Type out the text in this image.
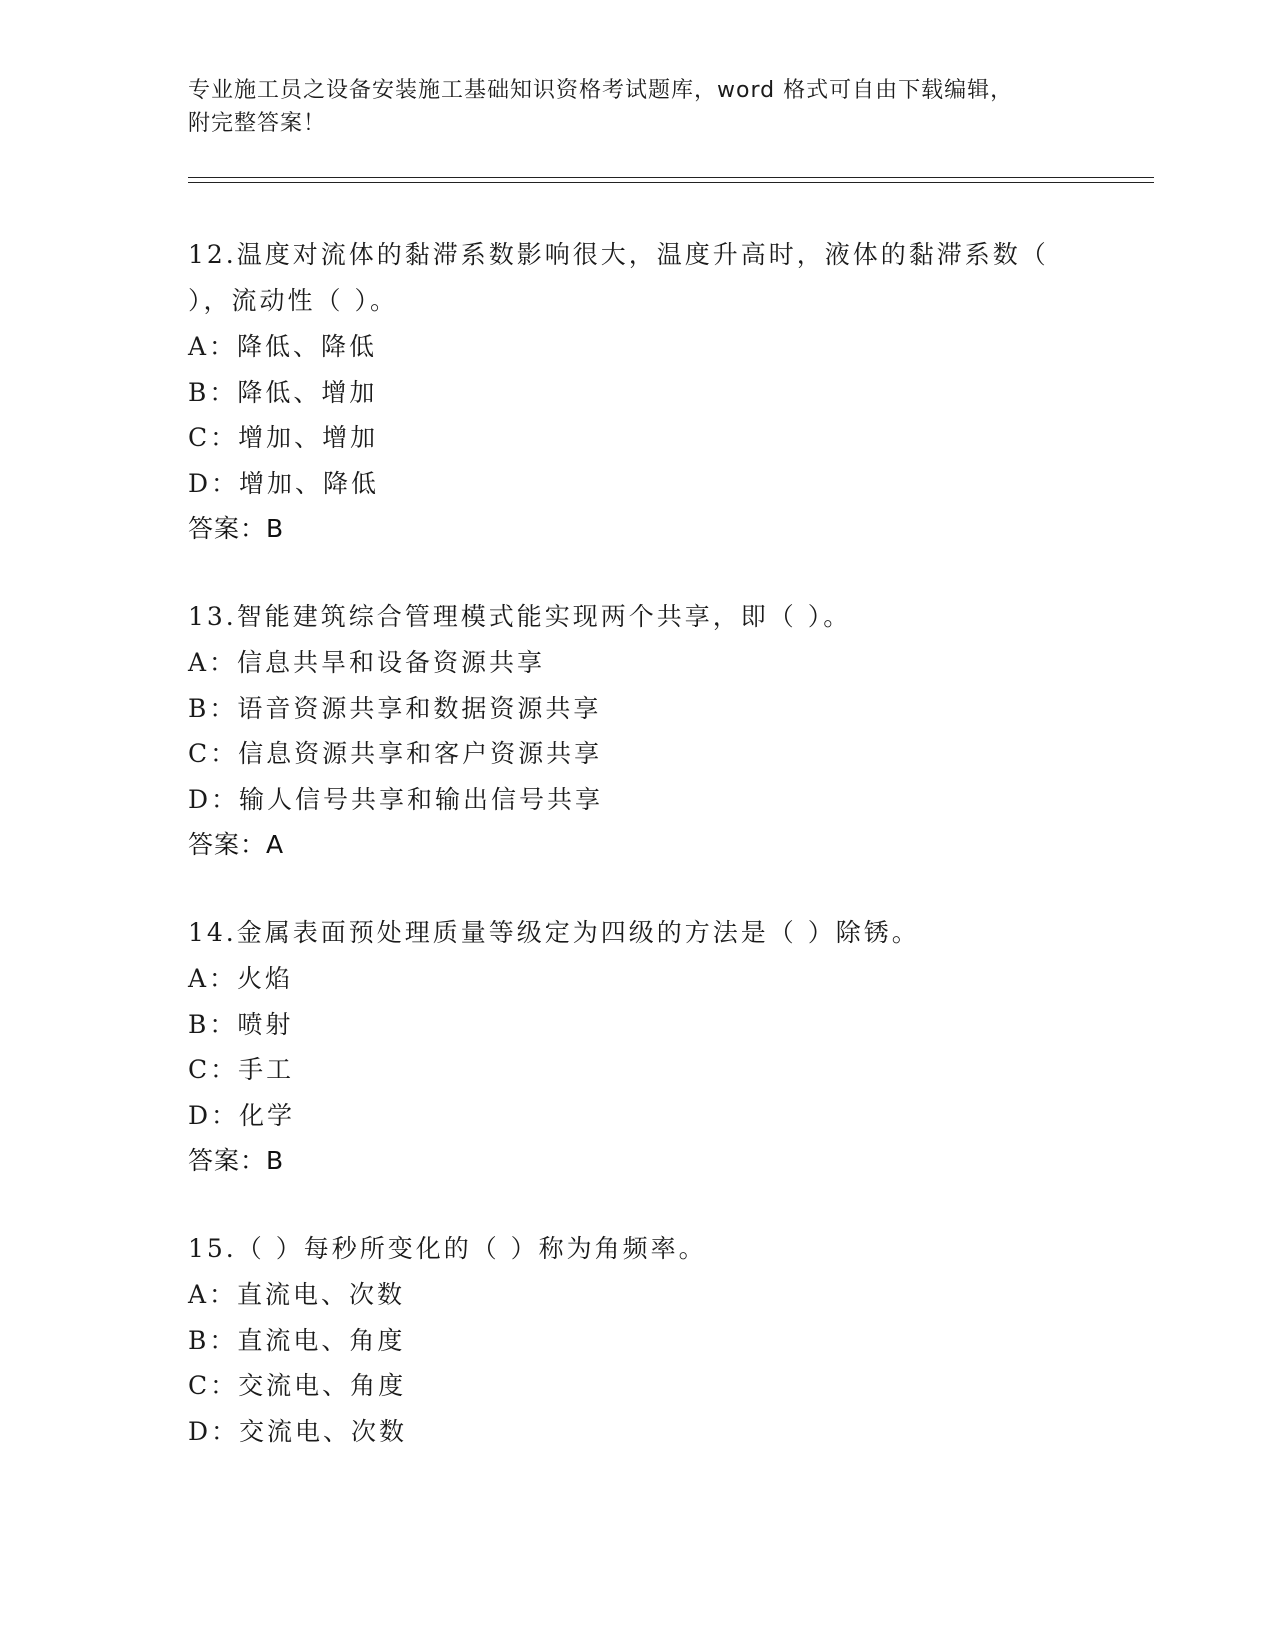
专业施工员之设备安装施工基础知识资格考试题库，word 格式可自由下载编辑，
附完整答案！
12.温度对流体的黏滞系数影响很大，温度升高时，液体的黏滞系数（
），流动性（ ）。
A：降低、降低
B：降低、增加
C：增加、增加
D：增加、降低
答案：B
13.智能建筑综合管理模式能实现两个共享，即（ ）。
A：信息共旱和设备资源共享
B：语音资源共享和数据资源共享
C：信息资源共享和客户资源共享
D：输人信号共享和输出信号共享
答案：A
14.金属表面预处理质量等级定为四级的方法是（ ）除锈。
A：火焰
B：喷射
C：手工
D：化学
答案：B
15.（ ）每秒所变化的（ ）称为角频率。
A：直流电、次数
B：直流电、角度
C：交流电、角度
D：交流电、次数
